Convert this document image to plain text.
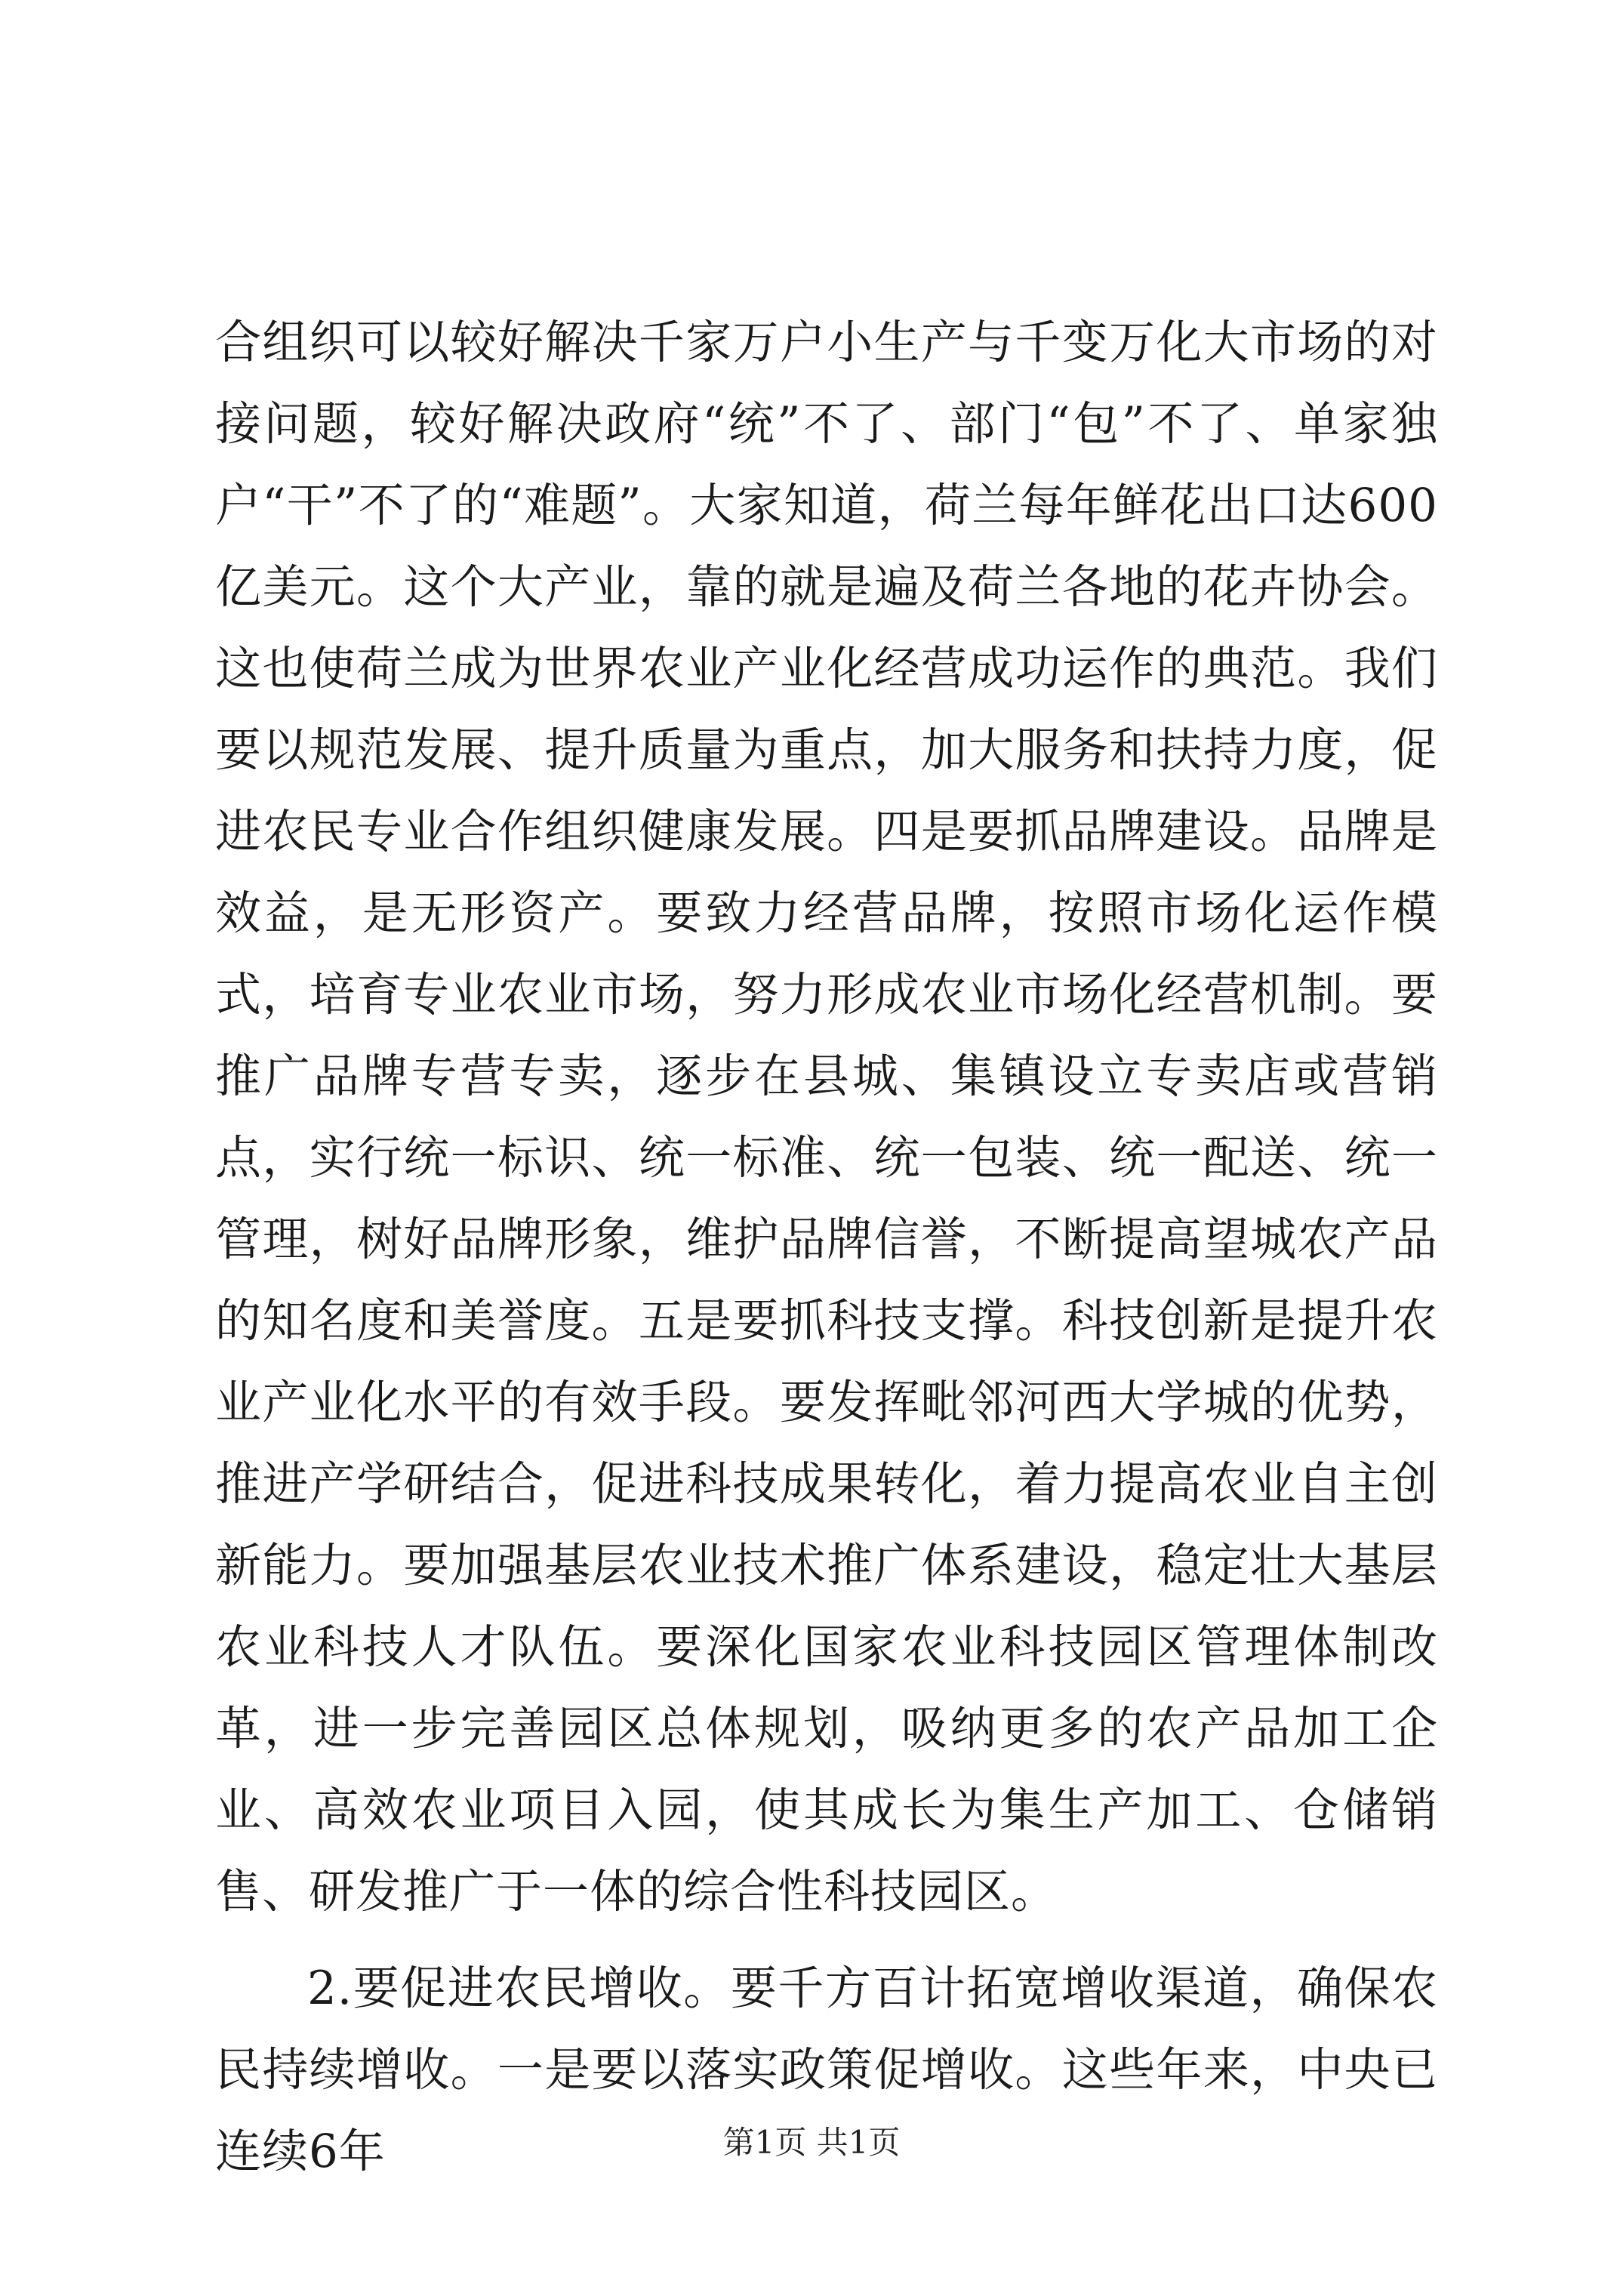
合组织可以较好解决千家万户小生产与千变万化大市场的对接问题，较好解决政府“统”不了、部门“包”不了、单家独户“干”不了的“难题”。大家知道，荷兰每年鲜花出口达600亿美元。这个大产业，靠的就是遍及荷兰各地的花卉协会。这也使荷兰成为世界农业产业化经营成功运作的典范。我们要以规范发展、提升质量为重点，加大服务和扶持力度，促进农民专业合作组织健康发展。四是要抓品牌建设。品牌是效益，是无形资产。要致力经营品牌，按照市场化运作模式，培育专业农业市场，努力形成农业市场化经营机制。要推广品牌专营专卖，逐步在县城、集镇设立专卖店或营销点，实行统一标识、统一标准、统一包装、统一配送、统一管理，树好品牌形象，维护品牌信誉，不断提高望城农产品的知名度和美誉度。五是要抓科技支撑。科技创新是提升农业产业化水平的有效手段。要发挥毗邻河西大学城的优势，推进产学研结合，促进科技成果转化，着力提高农业自主创新能力。要加强基层农业技术推广体系建设，稳定壮大基层农业科技人才队伍。要深化国家农业科技园区管理体制改革，进一步完善园区总体规划，吸纳更多的农产品加工企业、高效农业项目入园，使其成长为集生产加工、仓储销售、研发推广于一体的综合性科技园区。

2.要促进农民增收。要千方百计拓宽增收渠道，确保农民持续增收。一是要以落实政策促增收。这些年来，中央已连续6年	第1页 共1页
